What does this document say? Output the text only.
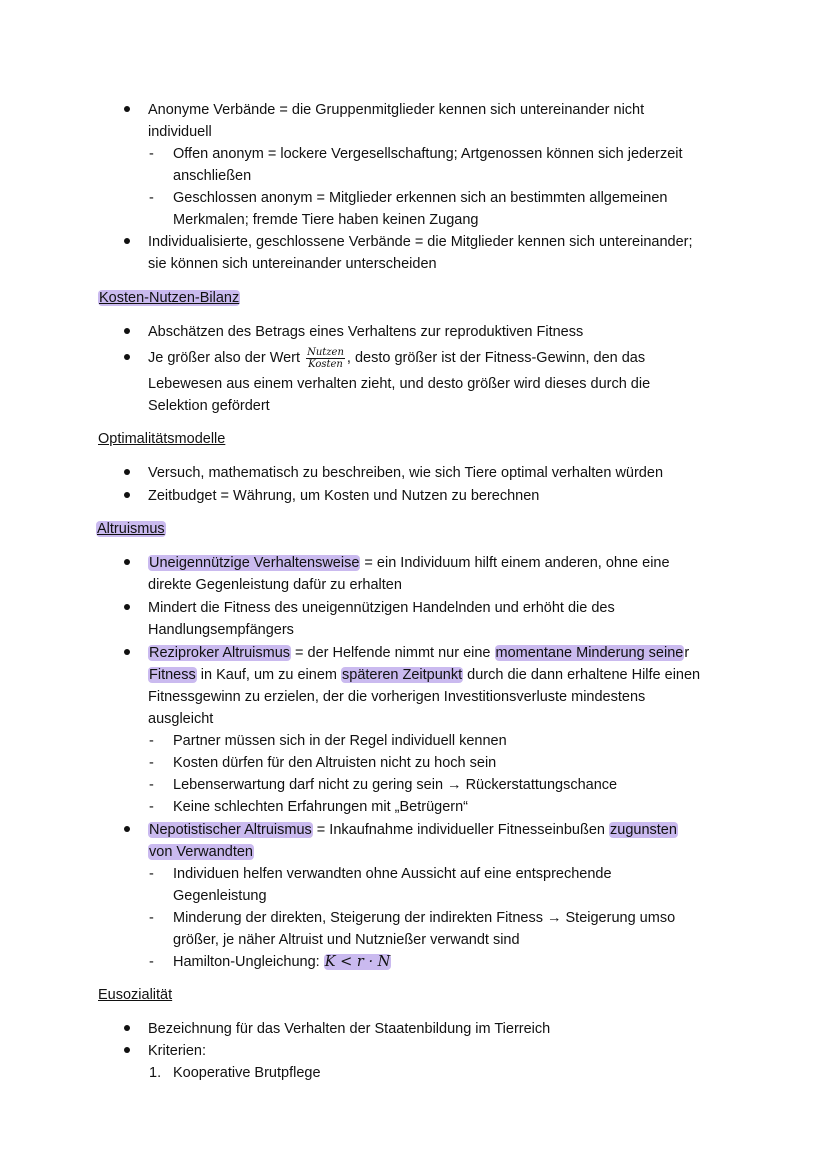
Anonyme Verbände = die Gruppenmitglieder kennen sich untereinander nicht
individuell
- Offen anonym = lockere Vergesellschaftung; Artgenossen können sich jederzeit
anschließen
- Geschlossen anonym = Mitglieder erkennen sich an bestimmten allgemeinen
Merkmalen; fremde Tiere haben keinen Zugang
Individualisierte, geschlossene Verbände = die Mitglieder kennen sich untereinander;
sie können sich untereinander unterscheiden
Kosten-Nutzen-Bilanz
Abschätzen des Betrags eines Verhaltens zur reproduktiven Fitness
Je größer also der Wert $\frac{\text{Nutzen}}{\text{Kosten}}$ , desto größer ist der Fitness-Gewinn, den das
Lebewesen aus einem verhalten zieht, und desto größer wird dieses durch die
Selektion gefördert
Optimalitätsmodelle
Versuch, mathematisch zu beschreiben, wie sich Tiere optimal verhalten würden
Zeitbudget = Währung, um Kosten und Nutzen zu berechnen
Altruismus
Uneigennützige Verhaltensweise = ein Individuum hilft einem anderen, ohne eine
direkte Gegenleistung dafür zu erhalten
Mindert die Fitness des uneigennützigen Handelnden und erhöht die des
Handlungsempfängers
Reziproker Altruismus = der Helfende nimmt nur eine momentane Minderung seiner
Fitness in Kauf, um zu einem späteren Zeitpunkt durch die dann erhaltene Hilfe einen
Fitnessgewinn zu erzielen, der die vorherigen Investitionsverluste mindestens
ausgleicht
- Partner müssen sich in der Regel individuell kennen
- Kosten dürfen für den Altruisten nicht zu hoch sein
- Lebenserwartung darf nicht zu gering sein → Rückerstattungschance
- Keine schlechten Erfahrungen mit „Betrügern“
Nepotistischer Altruismus = Inkaufnahme individueller Fitnesseinbußen zugunsten
von Verwandten
- Individuen helfen verwandten ohne Aussicht auf eine entsprechende
Gegenleistung
- Minderung der direkten, Steigerung der indirekten Fitness → Steigerung umso
größer, je näher Altruist und Nutznießer verwandt sind
- Hamilton-Ungleichung: K < r · N
Eusozialität
Bezeichnung für das Verhalten der Staatenbildung im Tierreich
Kriterien:
1. Kooperative Brutpflege
